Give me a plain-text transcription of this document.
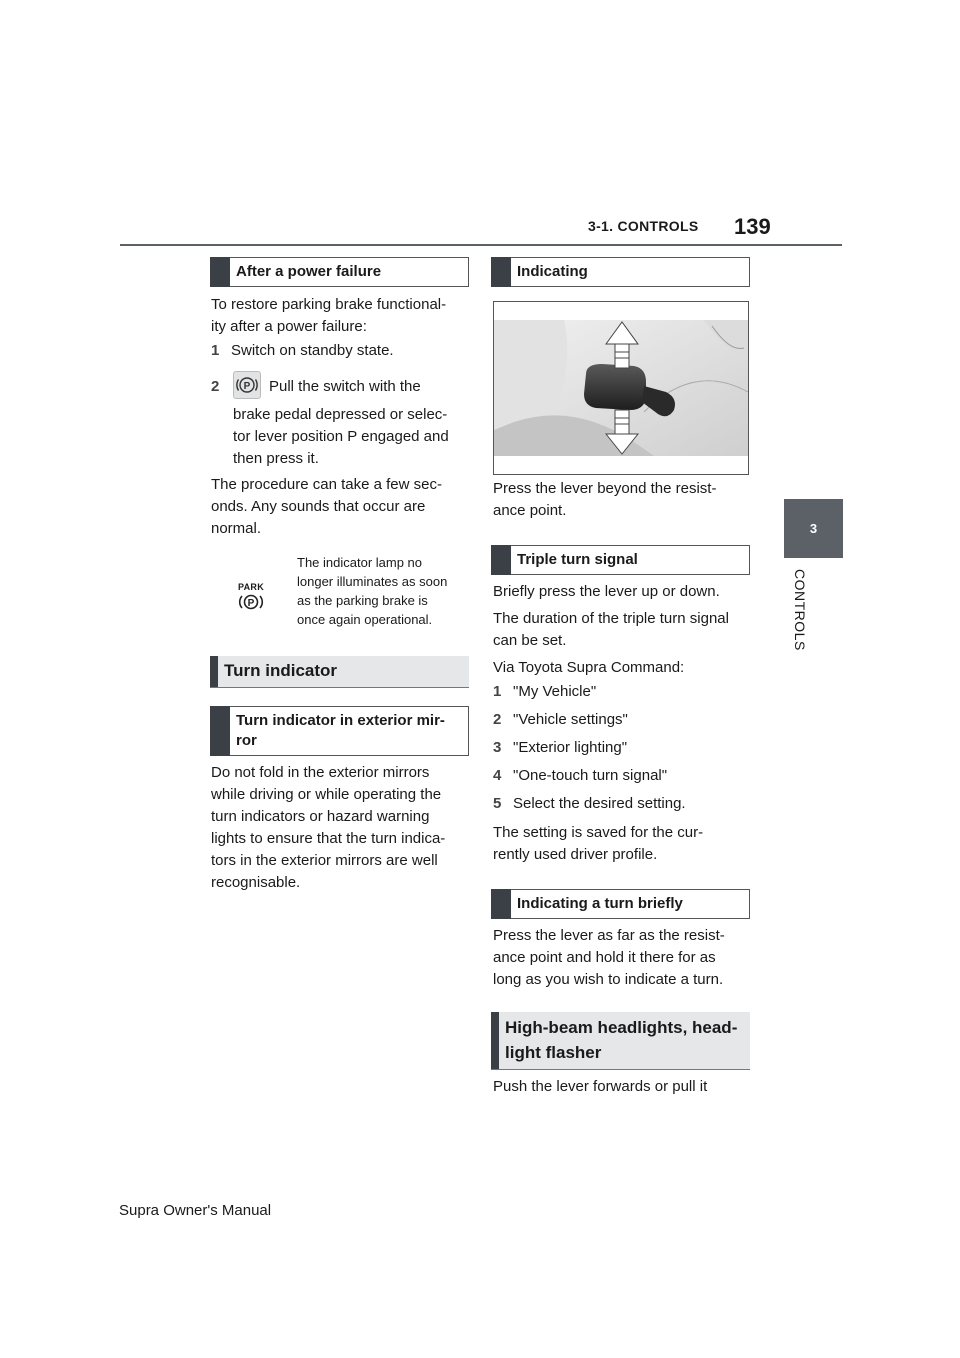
3-1. CONTROLS 139
3
CONTROLS
After a power failure
To restore parking brake functional-
ity after a power failure:
1 Switch on standby state.
2 P Pull the switch with the
brake pedal depressed or selec-
tor lever position P engaged and
then press it.
The procedure can take a few sec-
onds. Any sounds that occur are
normal.
PARK
P
The indicator lamp no
longer illuminates as soon
as the parking brake is
once again operational.
Turn indicator
Turn indicator in exterior mir-
ror
Do not fold in the exterior mirrors
while driving or while operating the
turn indicators or hazard warning
lights to ensure that the turn indica-
tors in the exterior mirrors are well
recognisable.
Indicating
Press the lever beyond the resist-
ance point.
Triple turn signal
Briefly press the lever up or down.
The duration of the triple turn signal
can be set.
Via Toyota Supra Command:
1 "My Vehicle"
2 "Vehicle settings"
3 "Exterior lighting"
4 "One-touch turn signal"
5 Select the desired setting.
The setting is saved for the cur-
rently used driver profile.
Indicating a turn briefly
Press the lever as far as the resist-
ance point and hold it there for as
long as you wish to indicate a turn.
High-beam headlights, head-
light flasher
Push the lever forwards or pull it
Supra Owner's Manual
